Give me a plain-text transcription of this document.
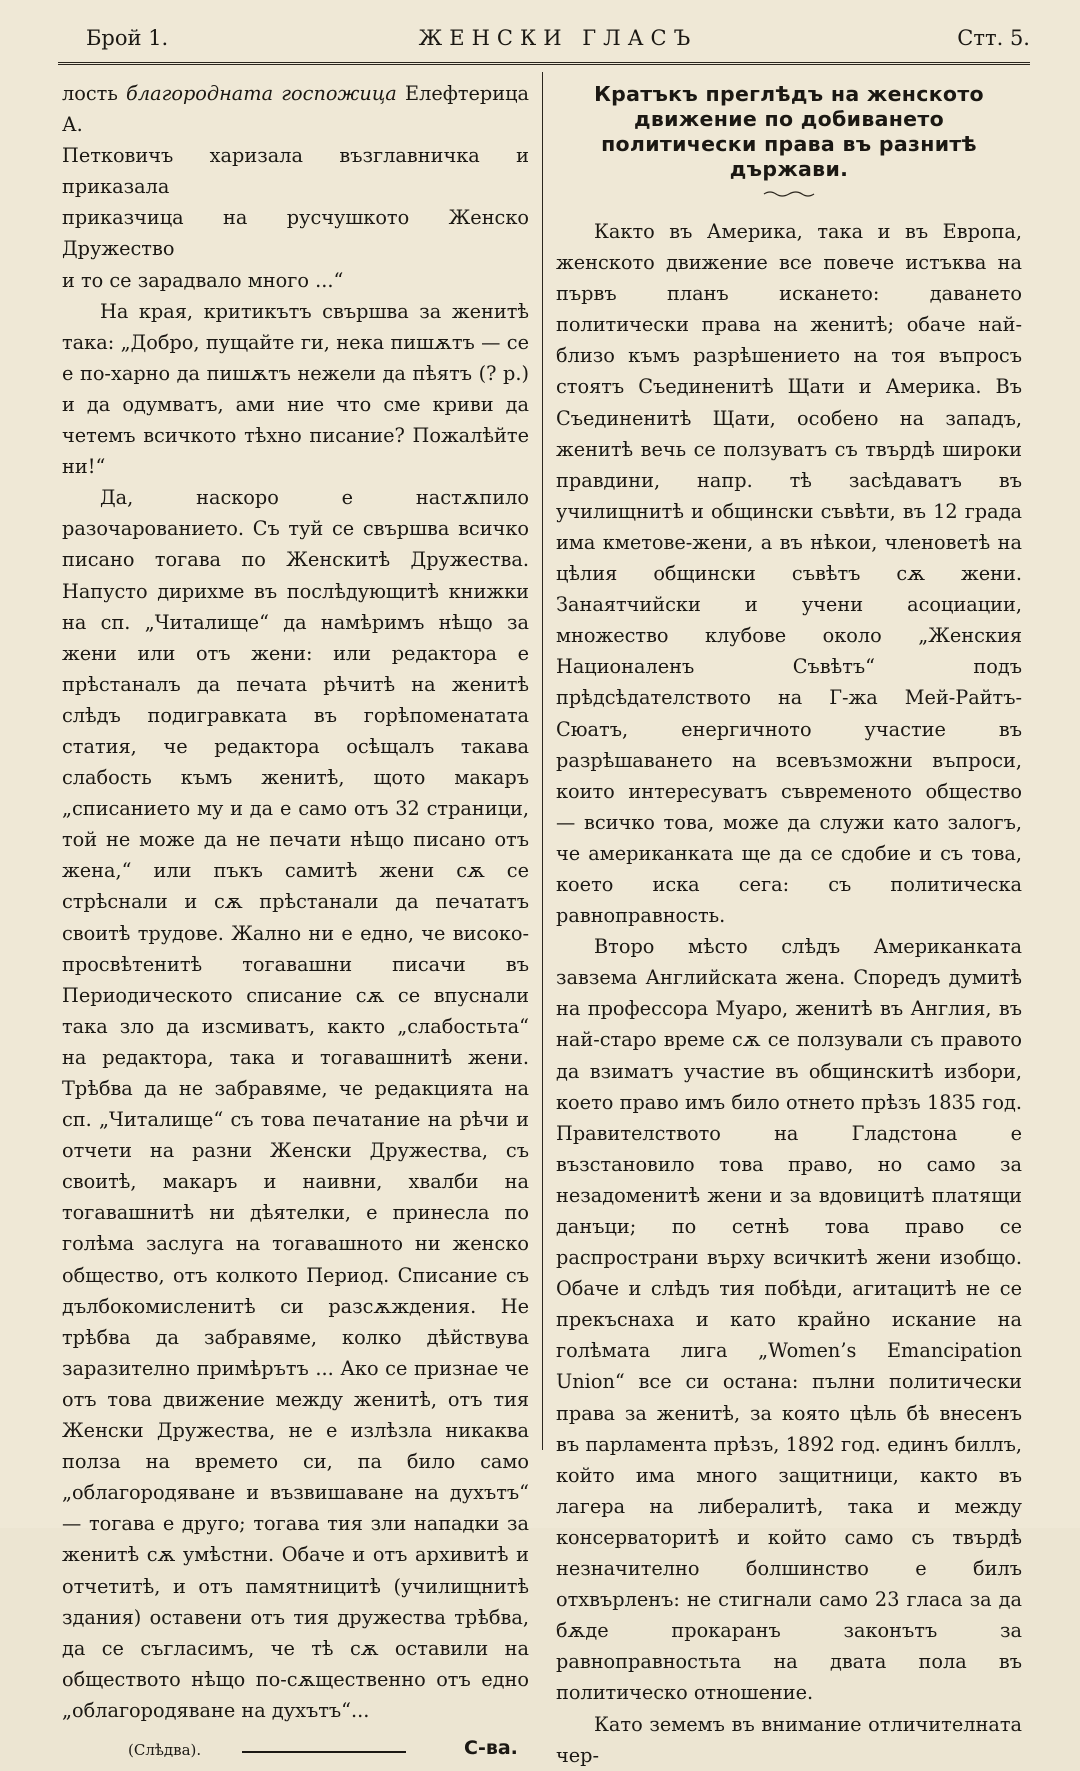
Брой 1.	ЖЕНСКИ ГЛАСЪ	Стт. 5.

лость благородната госпожица Елефтерица А.
Петковичъ харизала възглавничка и приказала
приказчица на русчушкото Женско Дружество
и то се зарадвало много ...“

На края, критикътъ свършва за женитѣ така: „Добро, пущайте ги, нека пишѫтъ — се е по-харно да пишѫтъ нежели да пѣятъ (? р.) и да одумватъ, ами ние что сме криви да четемъ всичкото тѣхно писание? Пожалѣйте ни!“

Да, наскоро е настѫпило разочарованието. Съ туй се свършва всичко писано тогава по Женскитѣ Дружества. Напусто дирихме въ послѣдующитѣ книжки на сп. „Читалище“ да намѣримъ нѣщо за жени или отъ жени: или редактора е прѣстаналъ да печата рѣчитѣ на женитѣ слѣдъ подигравката въ горѣпоменатата статия, че редактора осѣщалъ такава слабость къмъ женитѣ, щото макаръ „списанието му и да е само отъ 32 страници, той не може да не печати нѣщо писано отъ жена,“ или пъкъ самитѣ жени сѫ се стрѣснали и сѫ прѣстанали да печататъ своитѣ трудове. Жално ни е едно, че високо-просвѣтенитѣ тогавашни писачи въ Периодическото списание сѫ се впуснали така зло да изсмиватъ, както „слабостьта“ на редактора, така и тогавашнитѣ жени. Трѣбва да не забравяме, че редакцията на сп. „Читалище“ съ това печатание на рѣчи и отчети на разни Женски Дружества, съ своитѣ, макаръ и наивни, хвалби на тогавашнитѣ ни дѣятелки, е принесла по голѣма заслуга на тогавашното ни женско общество, отъ колкото Период. Списание съ дълбокомисленитѣ си разсѫждения. Не трѣбва да забравяме, колко дѣйствува заразително примѣрътъ ... Ако се признае че отъ това движение между женитѣ, отъ тия Женски Дружества, не е излѣзла никаква полза на времето си, па било само „облагородяване и възвишаване на духътъ“ — тогава е друго; тогава тия зли нападки за женитѣ сѫ умѣстни. Обаче и отъ архивитѣ и отчетитѣ, и отъ памятницитѣ (училищнитѣ здания) оставени отъ тия дружества трѣбва, да се съгласимъ, че тѣ сѫ оставили на обществото нѣщо по-сѫщественно отъ едно „облагородяване на духътъ“...

(Слѣдва).	С-ва.
Кратъкъ прeглѣдъ на женското движение по добиването политически права въ разнитѣ държави.

Както въ Америка, така и въ Европа, женското движение все повече истъква на първъ планъ искането: даването политически права на женитѣ; обаче най-близо къмъ разрѣшението на тоя въпросъ стоятъ Съединенитѣ Щати и Америка. Въ Съединенитѣ Щати, особено на западъ, женитѣ вечь се ползуватъ съ твърдѣ широки правдини, напр. тѣ засѣдаватъ въ училищнитѣ и общински съвѣти, въ 12 града има кметове-жени, а въ нѣкои, членоветѣ на цѣлия общински съвѣтъ сѫ жени. Занаятчийски и учени асоциации, множество клубове около „Женския Националенъ Съвѣтъ“ подъ прѣдсѣдателството на Г-жа Мей-Райтъ-Сюатъ, енергичното участие въ разрѣшаването на всевъзможни въпроси, които интересуватъ съвременото общество — всичко това, може да служи като залогъ, че американката ще да се сдобие и съ това, което иска сега: съ политическа равноправность.

Второ мѣсто слѣдъ Американката завзема Английската жена. Споредъ думитѣ на профессора Муаро, женитѣ въ Англия, въ най-старо време сѫ се ползували съ правото да взиматъ участие въ общинскитѣ избори, което право имъ било отнето прѣзъ 1835 год. Правителството на Гладстона е възстановило това право, но само за незадоменитѣ жени и за вдовицитѣ платящи данъци; по сетнѣ това право се распространи върху всичкитѣ жени изобщо. Обаче и слѣдъ тия побѣди, агитацитѣ не се прекъснаха и като крайно искание на голѣмата лига „Women’s Emancipation Union“ все си остана: пълни политически права за женитѣ, за която цѣль бѣ внесенъ въ парламента прѣзъ, 1892 год. единъ биллъ, който има много защитници, както въ лагера на либералитѣ, така и между консерваторитѣ и който само съ твърдѣ незначително болшинство е билъ отхвърленъ: не стигнали само 23 гласа за да бѫде прокаранъ законътъ за равноправностьта на двата пола въ политическо отношение.

Като земемъ въ внимание отличителната чер-
